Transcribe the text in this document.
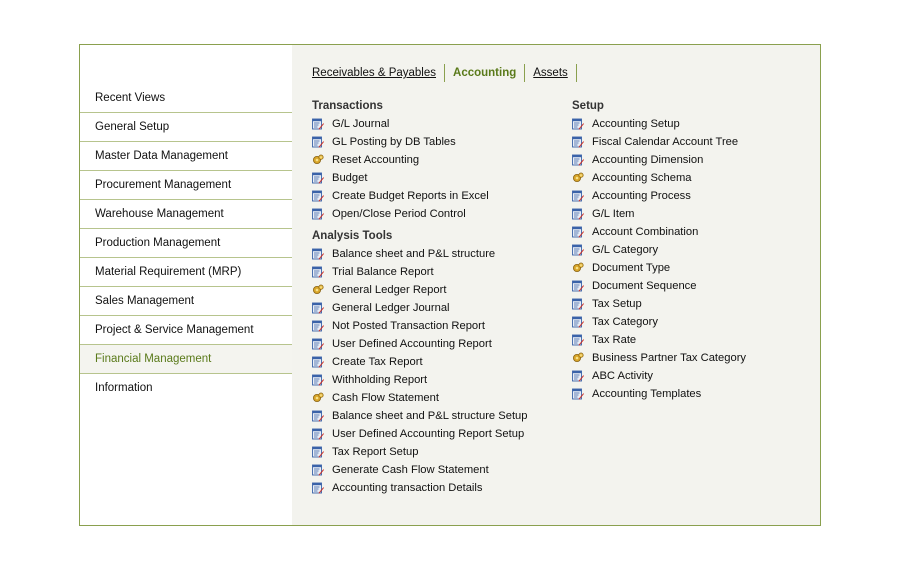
Recent Views
General Setup
Master Data Management
Procurement Management
Warehouse Management
Production Management
Material Requirement (MRP)
Sales Management
Project & Service Management
Financial Management
Information
Receivables & Payables	Accounting	Assets
Transactions
G/L Journal
GL Posting by DB Tables
Reset Accounting
Budget
Create Budget Reports in Excel
Open/Close Period Control
Analysis Tools
Balance sheet and P&L structure
Trial Balance Report
General Ledger Report
General Ledger Journal
Not Posted Transaction Report
User Defined Accounting Report
Create Tax Report
Withholding Report
Cash Flow Statement
Balance sheet and P&L structure Setup
User Defined Accounting Report Setup
Tax Report Setup
Generate Cash Flow Statement
Accounting transaction Details
Setup
Accounting Setup
Fiscal Calendar Account Tree
Accounting Dimension
Accounting Schema
Accounting Process
G/L Item
Account Combination
G/L Category
Document Type
Document Sequence
Tax Setup
Tax Category
Tax Rate
Business Partner Tax Category
ABC Activity
Accounting Templates
